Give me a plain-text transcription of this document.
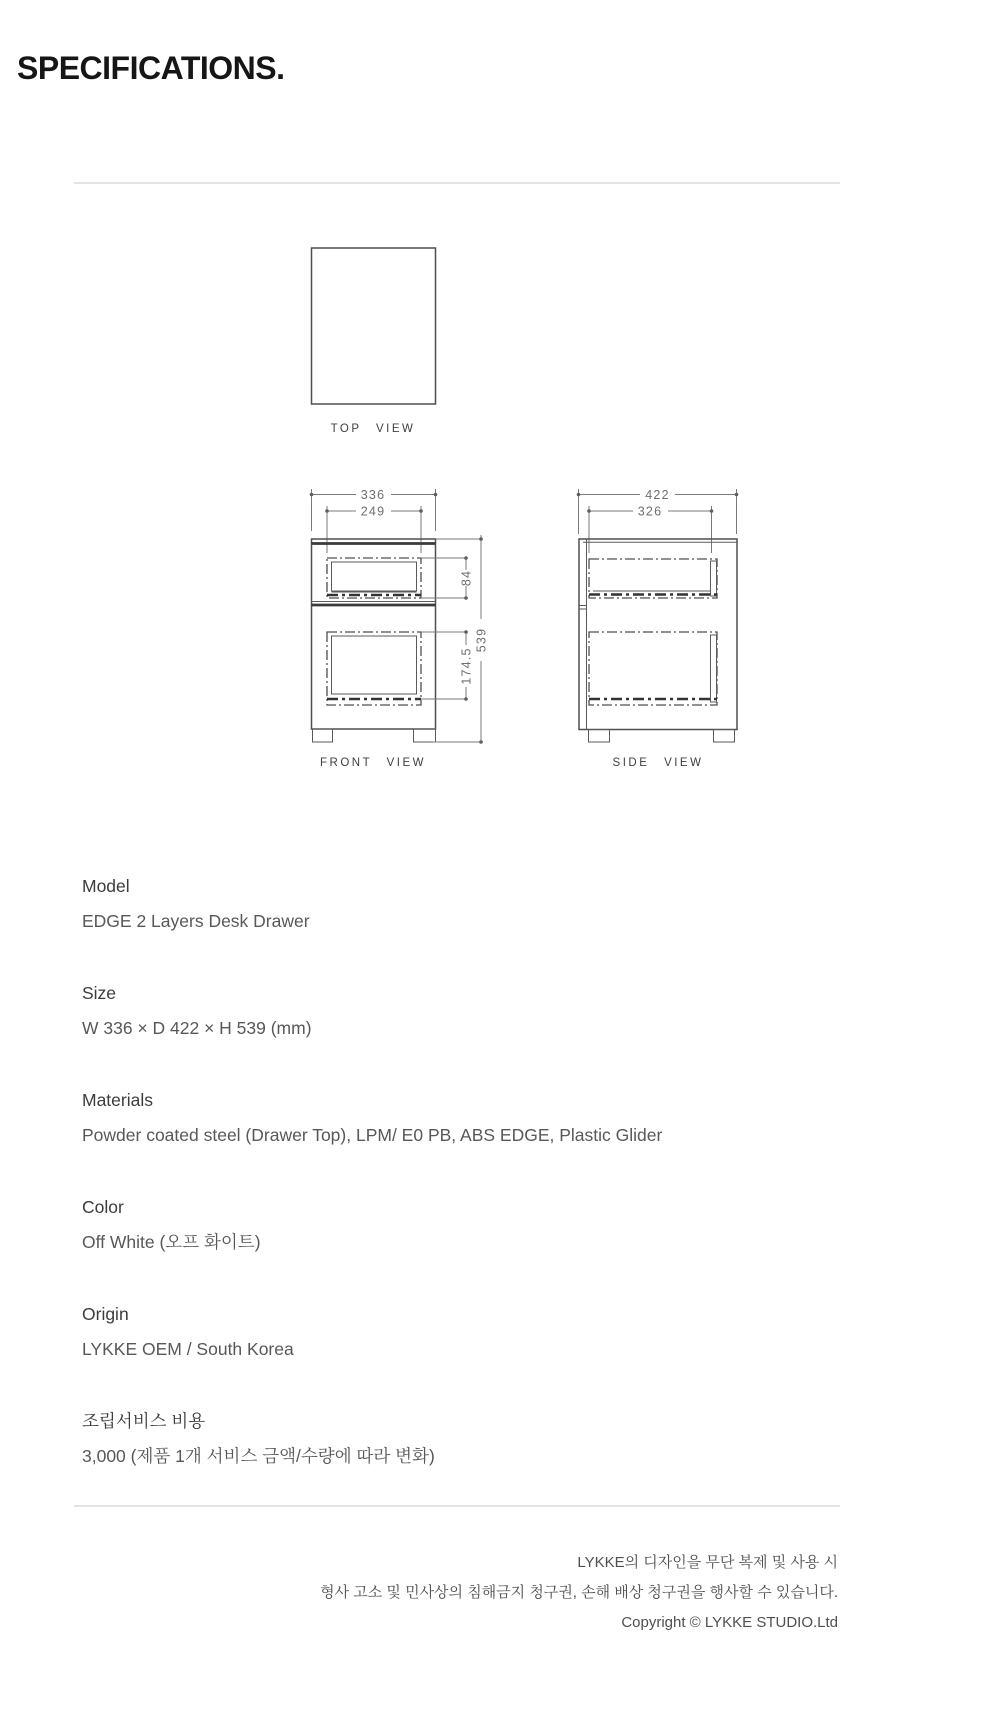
SPECIFICATIONS.
TOP VIEW
336
249
84
174.5
539
FRONT VIEW
422
326
SIDE VIEW
Model
EDGE 2 Layers Desk Drawer
Size
W 336 × D 422 × H 539 (mm)
Materials
Powder coated steel (Drawer Top), LPM/ E0 PB, ABS EDGE, Plastic Glider
Color
Off White (오프 화이트)
Origin
LYKKE OEM / South Korea
조립서비스 비용
3,000 (제품 1개 서비스 금액/수량에 따라 변화)
LYKKE의 디자인을 무단 복제 및 사용 시
형사 고소 및 민사상의 침해금지 청구권, 손해 배상 청구권을 행사할 수 있습니다.
Copyright © LYKKE STUDIO.Ltd
